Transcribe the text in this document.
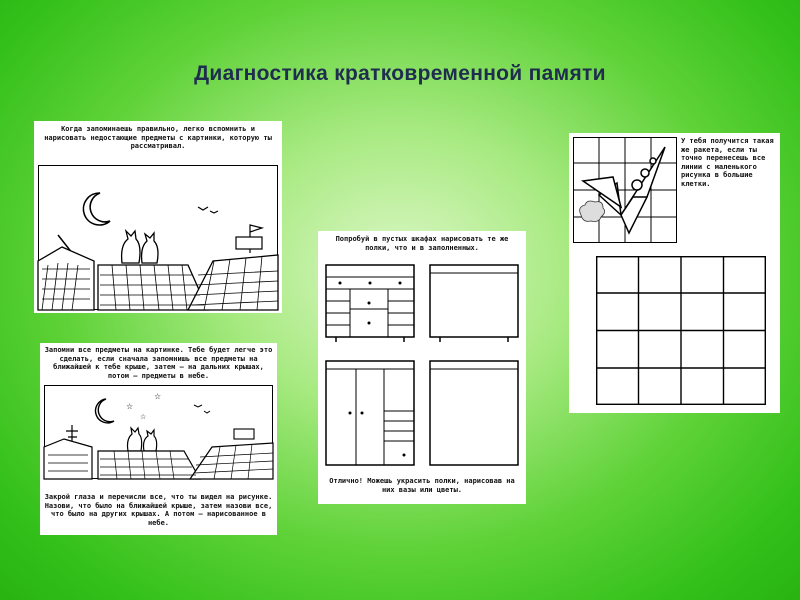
Диагностика кратковременной памяти
Когда запоминаешь правильно, легко вспомнить и нарисовать недостающие предметы с картинки, которую ты рассматривал.
Запомни все предметы на картинке. Тебе будет легче это сделать, если сначала запомнишь все предметы на ближайшей к тебе крыше, затем — на дальних крышах, потом — предметы в небе.
☆
☆
☆
Закрой глаза и перечисли все, что ты видел на рисунке. Назови, что было на ближайшей крыше, затем назови все, что было на других крышах. А потом — нарисованное в небе.
Попробуй в пустых шкафах нарисовать те же полки, что и в заполненных.
Отлично! Можешь украсить полки, нарисовав на них вазы или цветы.
У тебя получится такая же ракета, если ты точно перенесешь все линии с маленького рисунка в большие клетки.
